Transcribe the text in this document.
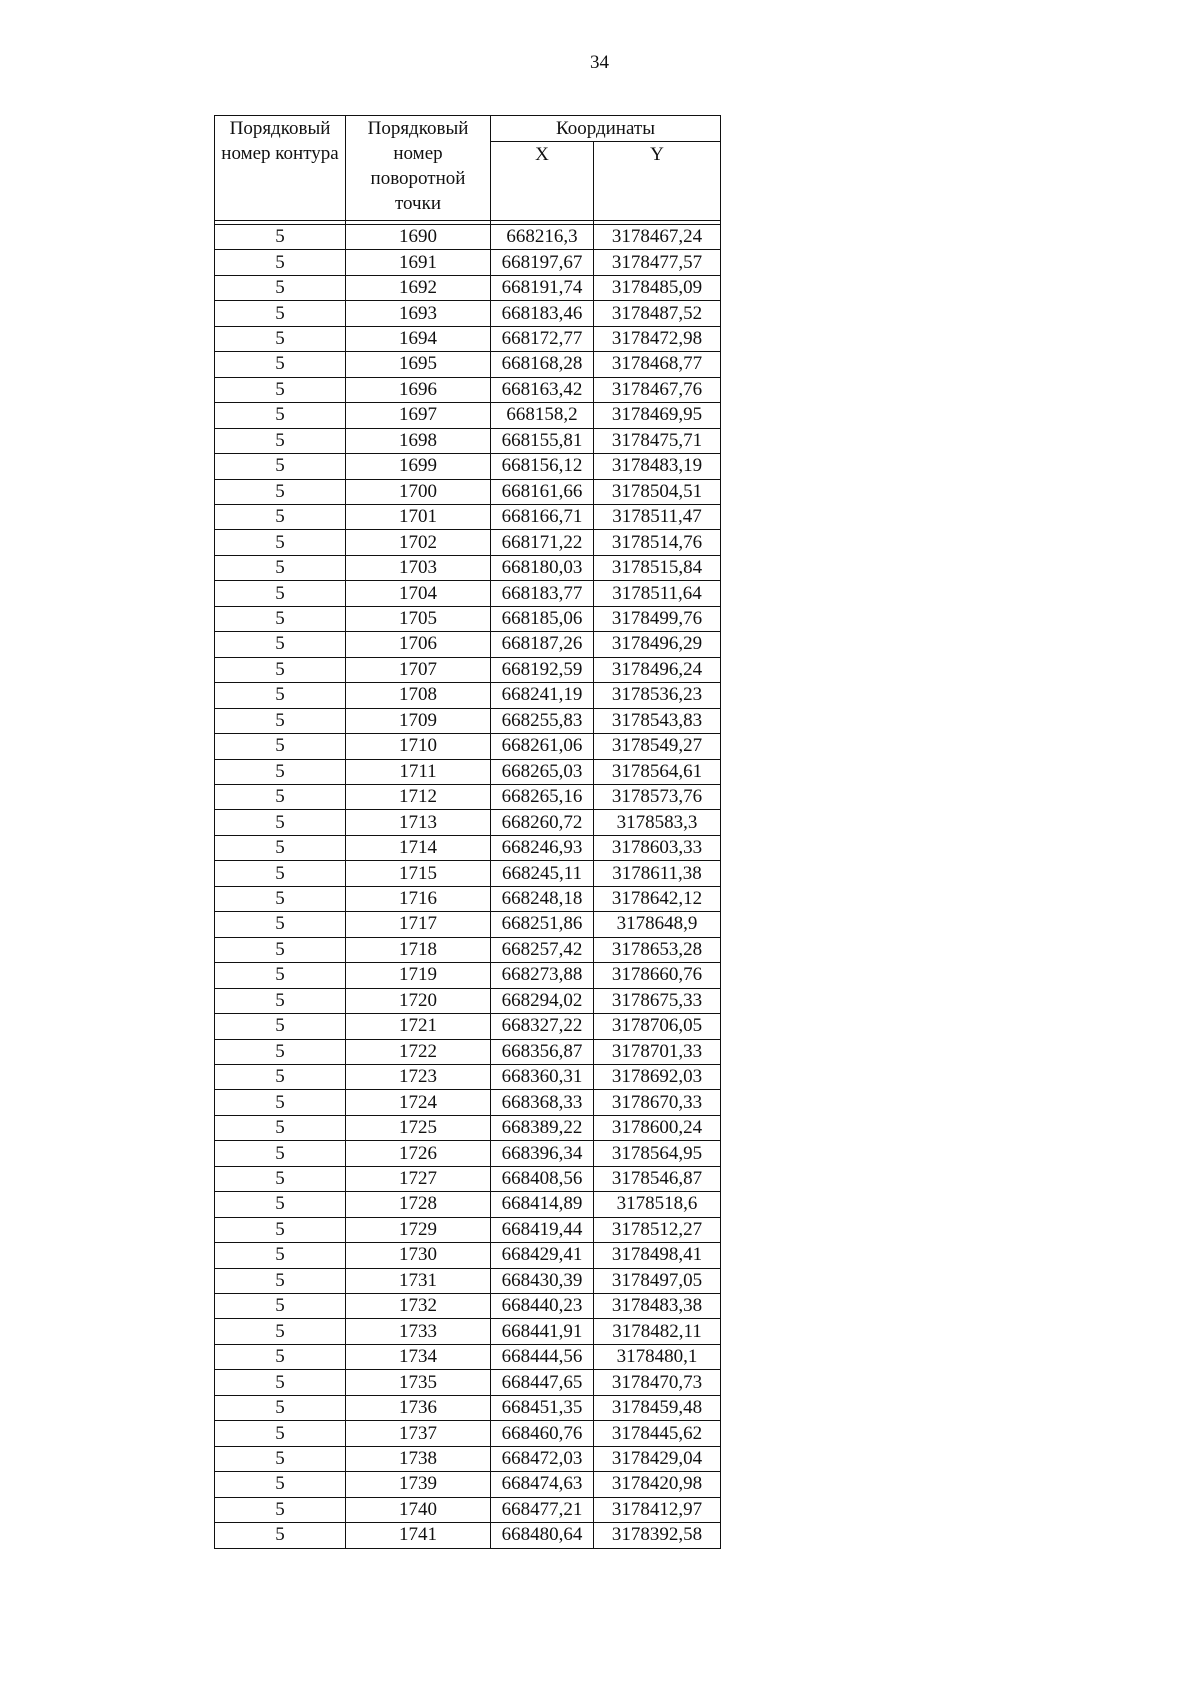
34
Порядковый номер контура	Порядковый
номер
поворотной
точки	Координаты	
		X	Y

5	1690	668216,3	3178467,24
5	1691	668197,67	3178477,57
5	1692	668191,74	3178485,09
5	1693	668183,46	3178487,52
5	1694	668172,77	3178472,98
5	1695	668168,28	3178468,77
5	1696	668163,42	3178467,76
5	1697	668158,2	3178469,95
5	1698	668155,81	3178475,71
5	1699	668156,12	3178483,19
5	1700	668161,66	3178504,51
5	1701	668166,71	3178511,47
5	1702	668171,22	3178514,76
5	1703	668180,03	3178515,84
5	1704	668183,77	3178511,64
5	1705	668185,06	3178499,76
5	1706	668187,26	3178496,29
5	1707	668192,59	3178496,24
5	1708	668241,19	3178536,23
5	1709	668255,83	3178543,83
5	1710	668261,06	3178549,27
5	1711	668265,03	3178564,61
5	1712	668265,16	3178573,76
5	1713	668260,72	3178583,3
5	1714	668246,93	3178603,33
5	1715	668245,11	3178611,38
5	1716	668248,18	3178642,12
5	1717	668251,86	3178648,9
5	1718	668257,42	3178653,28
5	1719	668273,88	3178660,76
5	1720	668294,02	3178675,33
5	1721	668327,22	3178706,05
5	1722	668356,87	3178701,33
5	1723	668360,31	3178692,03
5	1724	668368,33	3178670,33
5	1725	668389,22	3178600,24
5	1726	668396,34	3178564,95
5	1727	668408,56	3178546,87
5	1728	668414,89	3178518,6
5	1729	668419,44	3178512,27
5	1730	668429,41	3178498,41
5	1731	668430,39	3178497,05
5	1732	668440,23	3178483,38
5	1733	668441,91	3178482,11
5	1734	668444,56	3178480,1
5	1735	668447,65	3178470,73
5	1736	668451,35	3178459,48
5	1737	668460,76	3178445,62
5	1738	668472,03	3178429,04
5	1739	668474,63	3178420,98
5	1740	668477,21	3178412,97
5	1741	668480,64	3178392,58
